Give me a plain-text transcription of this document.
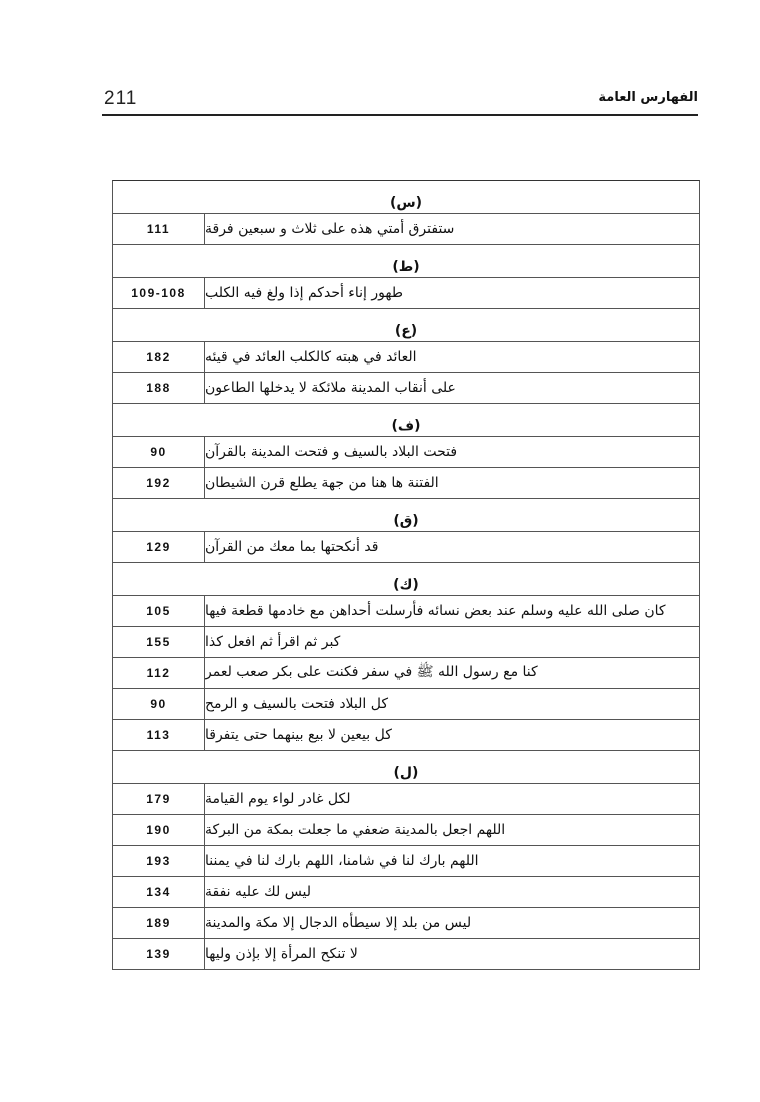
211	الفهارس العامة
(س)
111	ستفترق أمتي هذه على ثلاث و سبعين فرقة
(ط)
109-108	طهور إناء أحدكم إذا ولغ فيه الكلب
(ع)
182	العائد في هبته كالكلب العائد في قيئه
188	على أنقاب المدينة ملائكة لا يدخلها الطاعون
(ف)
90	فتحت البلاد بالسيف و فتحت المدينة بالقرآن
192	الفتنة ها هنا من جهة يطلع قرن الشيطان
(ق)
129	قد أنكحتها بما معك من القرآن
(ك)
105	كان صلى الله عليه وسلم عند بعض نسائه فأرسلت أحداهن مع خادمها قطعة فيها
155	كبر ثم اقرأ ثم افعل كذا
112	كنا مع رسول الله ﷺ في سفر فكنت على بكر صعب لعمر
90	كل البلاد فتحت بالسيف و الرمح
113	كل بيعين لا بيع بينهما حتى يتفرقا
(ل)
179	لكل غادر لواء يوم القيامة
190	اللهم اجعل بالمدينة ضعفي ما جعلت بمكة من البركة
193	اللهم بارك لنا في شامنا، اللهم بارك لنا في يمننا
134	ليس لك عليه نفقة
189	ليس من بلد إلا سيطأه الدجال إلا مكة والمدينة
139	لا تنكح المرأة إلا بإذن وليها
